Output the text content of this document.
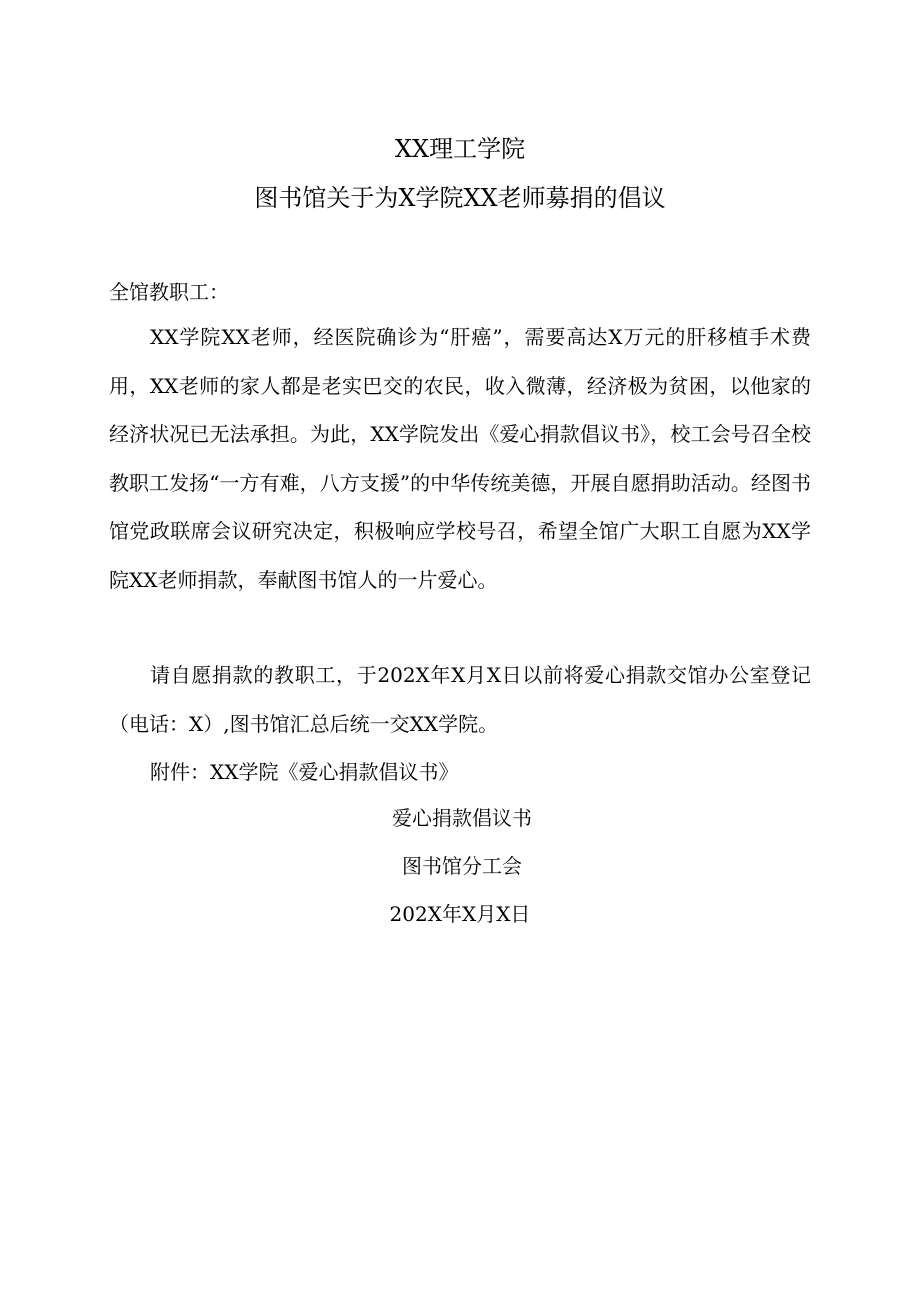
XX理工学院
图书馆关于为X学院XX老师募捐的倡议
全馆教职工：
XX学院XX老师，经医院确诊为“肝癌”，需要高达X万元的肝移植手术费用，XX老师的家人都是老实巴交的农民，收入微薄，经济极为贫困，以他家的经济状况已无法承担。为此，XX学院发出《爱心捐款倡议书》，校工会号召全校教职工发扬“一方有难，八方支援”的中华传统美德，开展自愿捐助活动。经图书馆党政联席会议研究决定，积极响应学校号召，希望全馆广大职工自愿为XX学院XX老师捐款，奉献图书馆人的一片爱心。
请自愿捐款的教职工，于202X年X月X日以前将爱心捐款交馆办公室登记（电话：X）,图书馆汇总后统一交XX学院。
附件：XX学院《爱心捐款倡议书》
爱心捐款倡议书
图书馆分工会
202X年X月X日
